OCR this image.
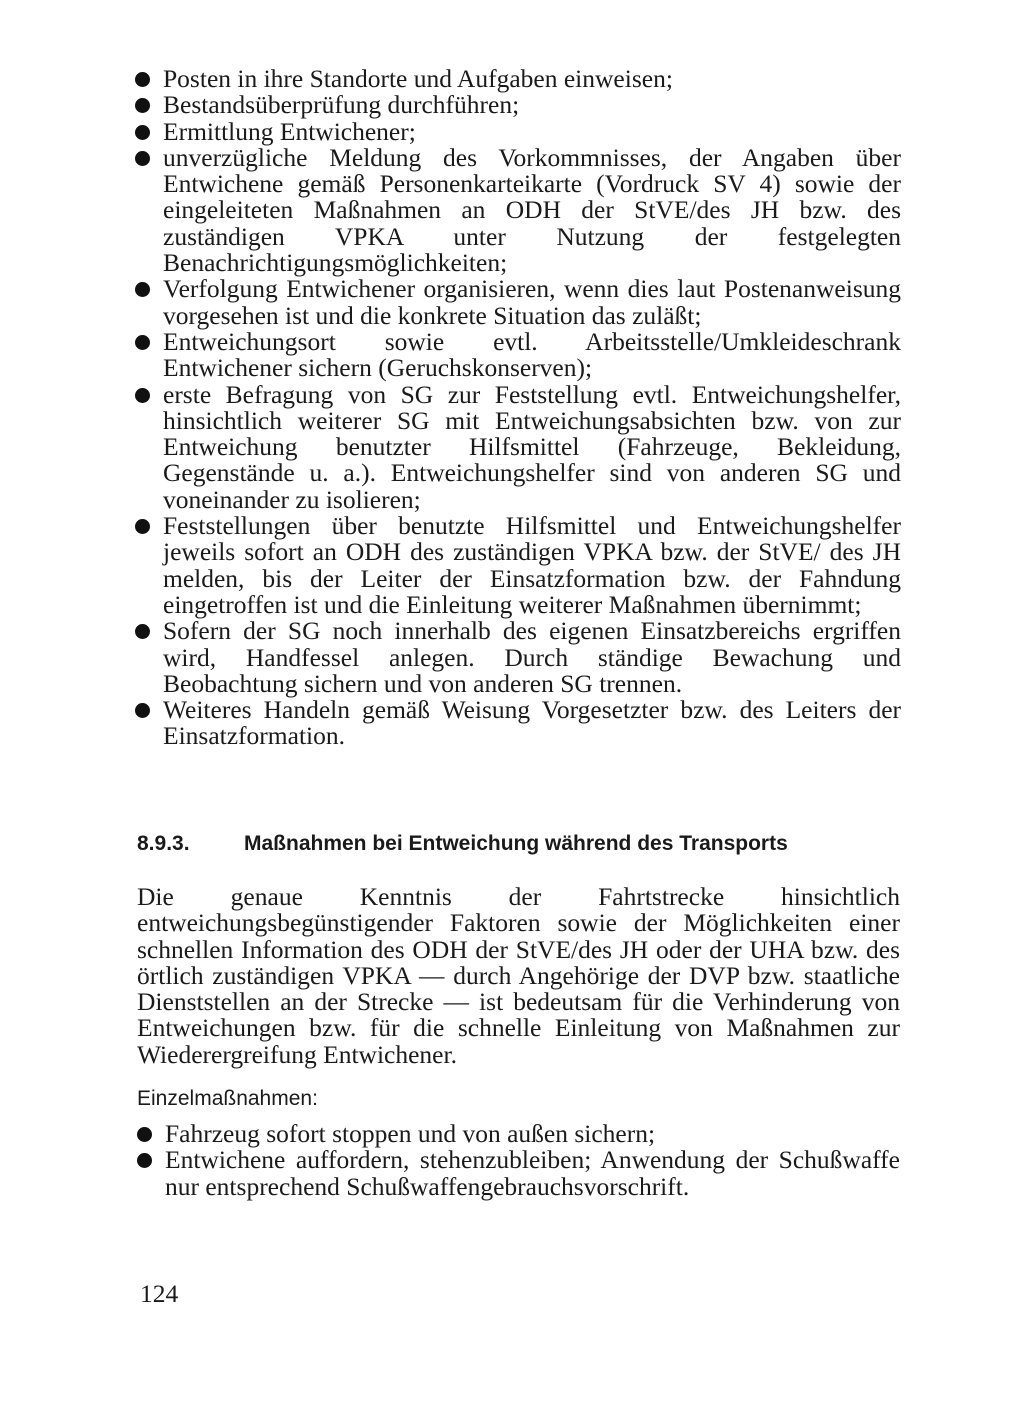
Posten in ihre Standorte und Aufgaben einweisen;
Bestandsüberprüfung durchführen;
Ermittlung Entwichener;
unverzügliche Meldung des Vorkommnisses, der Angaben über Entwichene gemäß Personenkarteikarte (Vordruck SV 4) sowie der eingeleiteten Maßnahmen an ODH der StVE/des JH bzw. des zuständigen VPKA unter Nutzung der festgelegten Benachrichtigungsmöglichkeiten;
Verfolgung Entwichener organisieren, wenn dies laut Postenanweisung vorgesehen ist und die konkrete Situation das zuläßt;
Entweichungsort sowie evtl. Arbeitsstelle/Umkleideschrank Entwichener sichern (Geruchskonserven);
erste Befragung von SG zur Feststellung evtl. Entweichungshelfer, hinsichtlich weiterer SG mit Entweichungsabsichten bzw. von zur Entweichung benutzter Hilfsmittel (Fahrzeuge, Bekleidung, Gegenstände u. a.). Entweichungshelfer sind von anderen SG und voneinander zu isolieren;
Feststellungen über benutzte Hilfsmittel und Entweichungshelfer jeweils sofort an ODH des zuständigen VPKA bzw. der StVE/ des JH melden, bis der Leiter der Einsatzformation bzw. der Fahndung eingetroffen ist und die Einleitung weiterer Maßnahmen übernimmt;
Sofern der SG noch innerhalb des eigenen Einsatzbereichs ergriffen wird, Handfessel anlegen. Durch ständige Bewachung und Beobachtung sichern und von anderen SG trennen.
Weiteres Handeln gemäß Weisung Vorgesetzter bzw. des Leiters der Einsatzformation.
8.9.3.	Maßnahmen bei Entweichung während des Transports

Die genaue Kenntnis der Fahrtstrecke hinsichtlich entweichungsbegünstigender Faktoren sowie der Möglichkeiten einer schnellen Information des ODH der StVE/des JH oder der UHA bzw. des örtlich zuständigen VPKA — durch Angehörige der DVP bzw. staatliche Dienststellen an der Strecke — ist bedeutsam für die Verhinderung von Entweichungen bzw. für die schnelle Einleitung von Maßnahmen zur Wiederergreifung Entwichener.

Einzelmaßnahmen:
Fahrzeug sofort stoppen und von außen sichern;
Entwichene auffordern, stehenzubleiben; Anwendung der Schußwaffe nur entsprechend Schußwaffengebrauchsvorschrift.
124
